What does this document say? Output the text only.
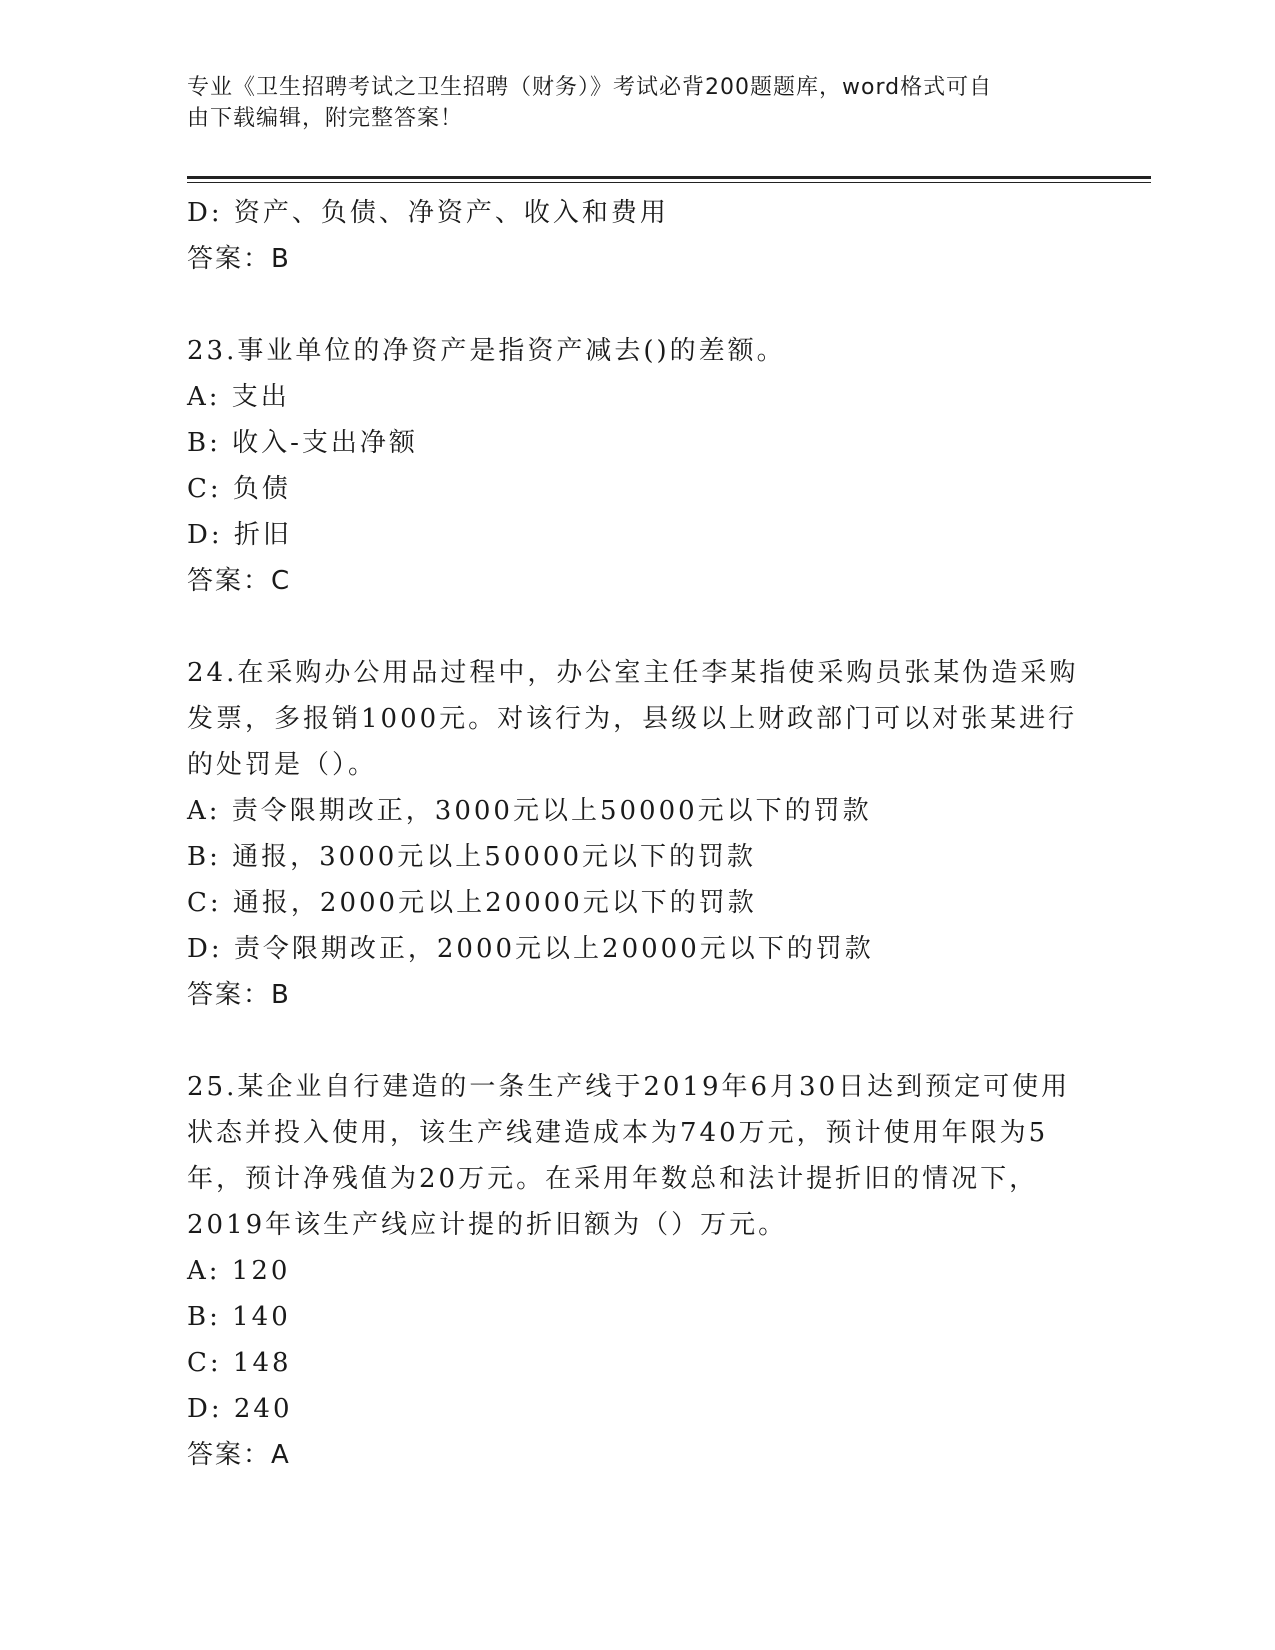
专业《卫生招聘考试之卫生招聘（财务）》考试必背200题题库，word格式可自
由下载编辑，附完整答案！
D: 资产、负债、净资产、收入和费用
答案：B
23.事业单位的净资产是指资产减去()的差额。
A: 支出
B: 收入-支出净额
C: 负债
D: 折旧
答案：C
24.在采购办公用品过程中，办公室主任李某指使采购员张某伪造采购
发票，多报销1000元。对该行为，县级以上财政部门可以对张某进行
的处罚是（）。
A: 责令限期改正，3000元以上50000元以下的罚款
B: 通报，3000元以上50000元以下的罚款
C: 通报，2000元以上20000元以下的罚款
D: 责令限期改正，2000元以上20000元以下的罚款
答案：B
25.某企业自行建造的一条生产线于2019年6月30日达到预定可使用
状态并投入使用，该生产线建造成本为740万元，预计使用年限为5
年，预计净残值为20万元。在采用年数总和法计提折旧的情况下，
2019年该生产线应计提的折旧额为（）万元。
A: 120
B: 140
C: 148
D: 240
答案：A
